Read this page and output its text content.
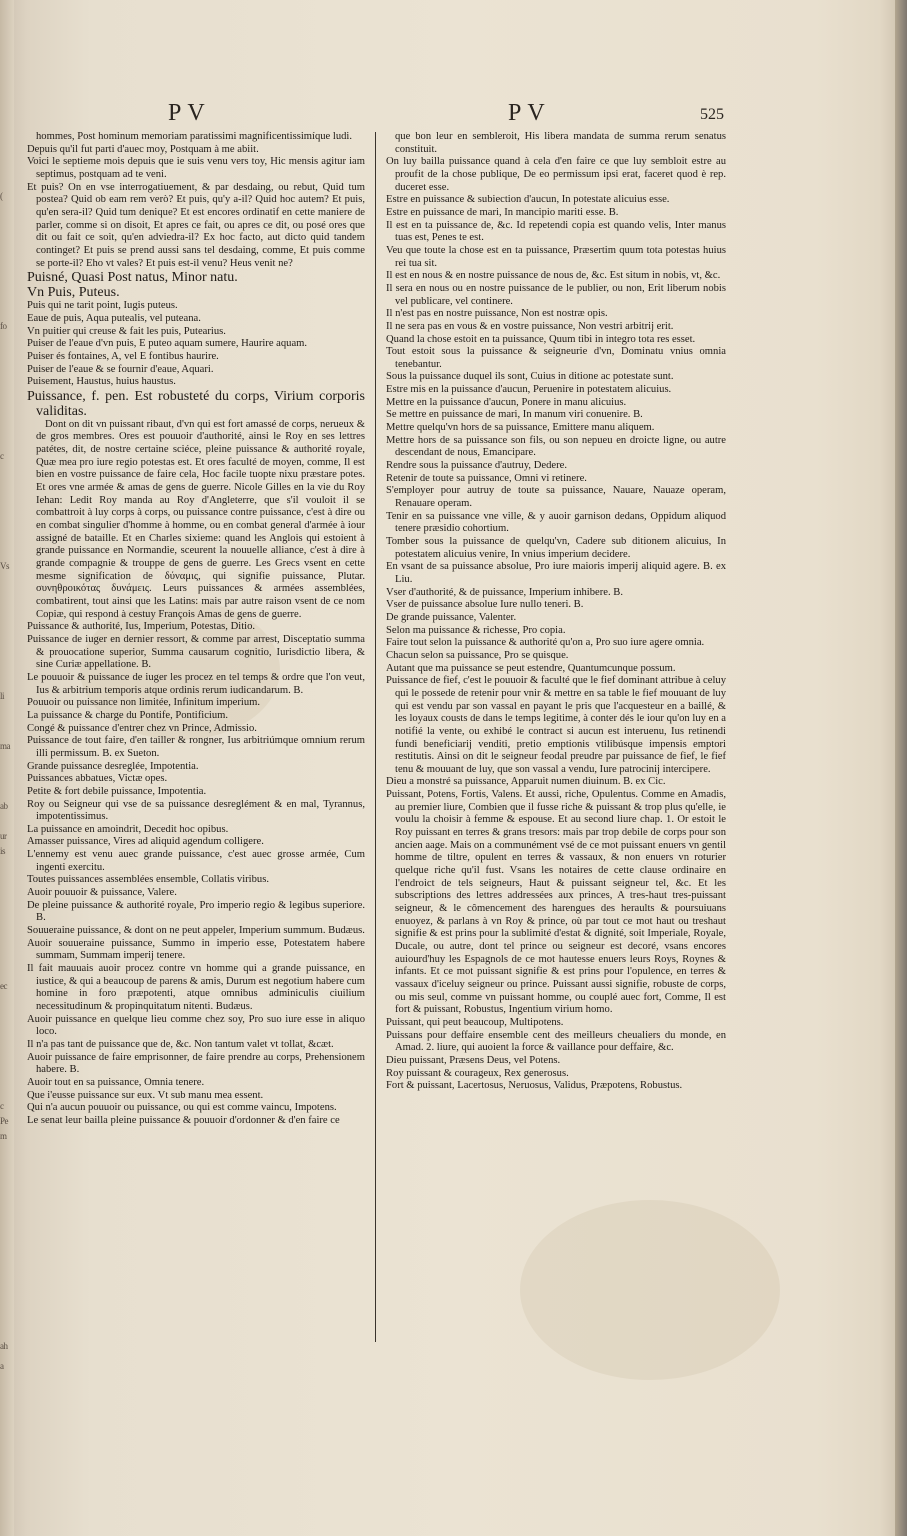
(
fo
c
Vs
li
ma
ab
ur
is
ec
c
Pe
m
ah
a
PV	PV	525

hommes, Post hominum memoriam paratissimi magnificentissimíque ludi.

Depuis qu'il fut parti d'auec moy, Postquam à me abiit.

Voici le septieme mois depuis que ie suis venu vers toy, Hic mensis agitur iam septimus, postquam ad te veni.

Et puis? On en vse interrogatiuement, & par desdaing, ou rebut, Quid tum postea? Quid ob eam rem verò? Et puis, qu'y a-il? Quid hoc autem? Et puis, qu'en sera-il? Quid tum denique? Et est encores ordinatif en cette maniere de parler, comme si on disoit, Et apres ce fait, ou apres ce dit, ou posé ores que dit ou fait ce soit, qu'en adviedra-il? Ex hoc facto, aut dicto quid tandem continget? Et puis se prend aussi sans tel desdaing, comme, Et puis comme se porte-il? Eho vt vales? Et puis est-il venu? Heus venit ne?

Puisné, Quasi Post natus, Minor natu.

Vn Puis, Puteus.

Puis qui ne tarit point, Iugis puteus.

Eaue de puis, Aqua putealis, vel puteana.

Vn puitier qui creuse & fait les puis, Putearius.

Puiser de l'eaue d'vn puis, E puteo aquam sumere, Haurire aquam.

Puiser és fontaines, A, vel E fontibus haurire.

Puiser de l'eaue & se fournir d'eaue, Aquari.

Puisement, Haustus, huius haustus.

Puissance, f. pen. Est robusteté du corps, Virium corporis validitas.

Dont on dit vn puissant ribaut, d'vn qui est fort amassé de corps, nerueux & de gros membres. Ores est pouuoir d'authorité, ainsi le Roy en ses lettres patétes, dit, de nostre certaine sciéce, pleine puissance & authorité royale, Quæ mea pro iure regio potestas est. Et ores faculté de moyen, comme, Il est bien en vostre puissance de faire cela, Hoc facile tuopte nixu præstare potes. Et ores vne armée & amas de gens de guerre. Nicole Gilles en la vie du Roy Iehan: Ledit Roy manda au Roy d'Angleterre, que s'il vouloit il se combattroit à luy corps à corps, ou puissance contre puissance, c'est à dire ou en combat singulier d'homme à homme, ou en combat general d'armée à iour assigné de bataille. Et en Charles sixieme: quand les Anglois qui estoient à grande puissance en Normandie, sceurent la nouuelle alliance, c'est à dire à grande compagnie & trouppe de gens de guerre. Les Grecs vsent en cette mesme signification de δύναμις, qui signifie puissance, Plutar. συνηθροικότας δυνάμεις. Leurs puissances & armées assemblées, combatirent, tout ainsi que les Latins: mais par autre raison vsent de ce nom Copiæ, qui respond à cestuy François Amas de gens de guerre.

Puissance & authorité, Ius, Imperium, Potestas, Ditio.

Puissance de iuger en dernier ressort, & comme par arrest, Disceptatio summa & prouocatione superior, Summa causarum cognitio, Iurisdictio libera, & sine Curiæ appellatione. B.

Le pouuoir & puissance de iuger les procez en tel temps & ordre que l'on veut, Ius & arbitrium temporis atque ordinis rerum iudicandarum. B.

Pouuoir ou puissance non limitée, Infinitum imperium.

La puissance & charge du Pontife, Pontificium.

Congé & puissance d'entrer chez vn Prince, Admissio.

Puissance de tout faire, d'en tailler & rongner, Ius arbitriúmque omnium rerum illi permissum. B. ex Sueton.

Grande puissance desreglée, Impotentia.

Puissances abbatues, Victæ opes.

Petite & fort debile puissance, Impotentia.

Roy ou Seigneur qui vse de sa puissance desreglément & en mal, Tyrannus, impotentissimus.

La puissance en amoindrit, Decedit hoc opibus.

Amasser puissance, Vires ad aliquid agendum colligere.

L'ennemy est venu auec grande puissance, c'est auec grosse armée, Cum ingenti exercitu.

Toutes puissances assemblées ensemble, Collatis viribus.

Auoir pouuoir & puissance, Valere.

De pleine puissance & authorité royale, Pro imperio regio & legibus superiore. B.

Souueraine puissance, & dont on ne peut appeler, Imperium summum. Budæus.

Auoir souueraine puissance, Summo in imperio esse, Potestatem habere summam, Summam imperij tenere.

Il fait mauuais auoir procez contre vn homme qui a grande puissance, en iustice, & qui a beaucoup de parens & amis, Durum est negotium habere cum homine in foro præpotenti, atque omnibus adminiculis ciuilium necessitudinum & propinquitatum nitenti. Budæus.

Auoir puissance en quelque lieu comme chez soy, Pro suo iure esse in aliquo loco.

Il n'a pas tant de puissance que de, &c. Non tantum valet vt tollat, &cæt.

Auoir puissance de faire emprisonner, de faire prendre au corps, Prehensionem habere. B.

Auoir tout en sa puissance, Omnia tenere.

Que i'eusse puissance sur eux. Vt sub manu mea essent.

Qui n'a aucun pouuoir ou puissance, ou qui est comme vaincu, Impotens.

Le senat leur bailla pleine puissance & pouuoir d'ordonner & d'en faire ce

que bon leur en sembleroit, His libera mandata de summa rerum senatus constituit.

On luy bailla puissance quand à cela d'en faire ce que luy sembloit estre au proufit de la chose publique, De eo permissum ipsi erat, faceret quod è rep. duceret esse.

Estre en puissance & subiection d'aucun, In potestate alicuius esse.

Estre en puissance de mari, In mancipio mariti esse. B.

Il est en ta puissance de, &c. Id repetendi copia est quando velis, Inter manus tuas est, Penes te est.

Veu que toute la chose est en ta puissance, Præsertim quum tota potestas huius rei tua sit.

Il est en nous & en nostre puissance de nous de, &c. Est situm in nobis, vt, &c.

Il sera en nous ou en nostre puissance de le publier, ou non, Erit liberum nobis vel publicare, vel continere.

Il n'est pas en nostre puissance, Non est nostræ opis.

Il ne sera pas en vous & en vostre puissance, Non vestri arbitrij erit.

Quand la chose estoit en ta puissance, Quum tibi in integro tota res esset.

Tout estoit sous la puissance & seigneurie d'vn, Dominatu vnius omnia tenebantur.

Sous la puissance duquel ils sont, Cuius in ditione ac potestate sunt.

Estre mis en la puissance d'aucun, Peruenire in potestatem alicuius.

Mettre en la puissance d'aucun, Ponere in manu alicuius.

Se mettre en puissance de mari, In manum viri conuenire. B.

Mettre quelqu'vn hors de sa puissance, Emittere manu aliquem.

Mettre hors de sa puissance son fils, ou son nepueu en droicte ligne, ou autre descendant de nous, Emancipare.

Rendre sous la puissance d'autruy, Dedere.

Retenir de toute sa puissance, Omni vi retinere.

S'employer pour autruy de toute sa puissance, Nauare, Nauaze operam, Renauare operam.

Tenir en sa puissance vne ville, & y auoir garnison dedans, Oppidum aliquod tenere præsidio cohortium.

Tomber sous la puissance de quelqu'vn, Cadere sub ditionem alicuius, In potestatem alicuius venire, In vnius imperium decidere.

En vsant de sa puissance absolue, Pro iure maioris imperij aliquid agere. B. ex Liu.

Vser d'authorité, & de puissance, Imperium inhibere. B.

Vser de puissance absolue Iure nullo teneri. B.

De grande puissance, Valenter.

Selon ma puissance & richesse, Pro copia.

Faire tout selon la puissance & authorité qu'on a, Pro suo iure agere omnia.

Chacun selon sa puissance, Pro se quisque.

Autant que ma puissance se peut estendre, Quantumcunque possum.

Puissance de fief, c'est le pouuoir & faculté que le fief dominant attribue à celuy qui le possede de retenir pour vnir & mettre en sa table le fief mouuant de luy qui est vendu par son vassal en payant le pris que l'acquesteur en a baillé, & les loyaux cousts de dans le temps legitime, à conter dés le iour qu'on luy en a notifié la vente, ou exhibé le contract si aucun est interuenu, Ius retinendi fundi beneficiarij venditi, pretio emptionis vtilibúsque impensis emptori restitutis. Ainsi on dit le seigneur feodal preudre par puissance de fief, le fief tenu & mouuant de luy, que son vassal a vendu, Iure patrocinij intercipere.

Dieu a monstré sa puissance, Apparuit numen diuinum. B. ex Cic.

Puissant, Potens, Fortis, Valens. Et aussi, riche, Opulentus. Comme en Amadis, au premier liure, Combien que il fusse riche & puissant & trop plus qu'elle, ie voulu la choisir à femme & espouse. Et au second liure chap. 1. Or estoit le Roy puissant en terres & grans tresors: mais par trop debile de corps pour son ancien aage. Mais on a communément vsé de ce mot puissant enuers vn gentil homme de tiltre, opulent en terres & vassaux, & non enuers vn roturier quelque riche qu'il fust. Vsans les notaires de cette clause ordinaire en l'endroict de tels seigneurs, Haut & puissant seigneur tel, &c. Et les subscriptions des lettres addressées aux princes, A tres-haut tres-puissant seigneur, & le cômencement des harengues des heraults & poursuiuans enuoyez, & parlans à vn Roy & prince, où par tout ce mot haut ou treshaut signifie & est prins pour la sublimité d'estat & dignité, soit Imperiale, Royale, Ducale, ou autre, dont tel prince ou seigneur est decoré, vsans encores auiourd'huy les Espagnols de ce mot hautesse enuers leurs Roys, Roynes & infants. Et ce mot puissant signifie & est prins pour l'opulence, en terres & vassaux d'iceluy seigneur ou prince. Puissant aussi signifie, robuste de corps, ou mis seul, comme vn puissant homme, ou couplé auec fort, Comme, Il est fort & puissant, Robustus, Ingentium virium homo.

Puissant, qui peut beaucoup, Multipotens.

Puissans pour deffaire ensemble cent des meilleurs cheualiers du monde, en Amad. 2. liure, qui auoient la force & vaillance pour deffaire, &c.

Dieu puissant, Præsens Deus, vel Potens.

Roy puissant & courageux, Rex generosus.

Fort & puissant, Lacertosus, Neruosus, Validus, Præpotens, Robustus.
